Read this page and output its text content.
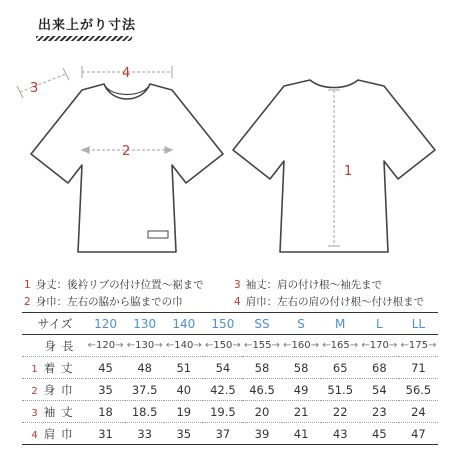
出来上がり寸法
4
3
2
1
1 身丈：後衿リブの付け位置～裾まで
2 身巾：左右の脇から脇までの巾
3 袖丈：肩の付け根～袖先まで
4 肩巾：左右の肩の付け根～付け根まで
サイズ	120	130	140	150	SS	S	M	L	LL
身長	←120→	←130→	←140→	←150→	←155→	←160→	←165→	←170→	←175→
1 着丈	45	48	51	54	58	58	65	68	71
2 身巾	35	37.5	40	42.5	46.5	49	51.5	54	56.5
3 袖丈	18	18.5	19	19.5	20	21	22	23	24
4 肩巾	31	33	35	37	39	41	43	45	47
